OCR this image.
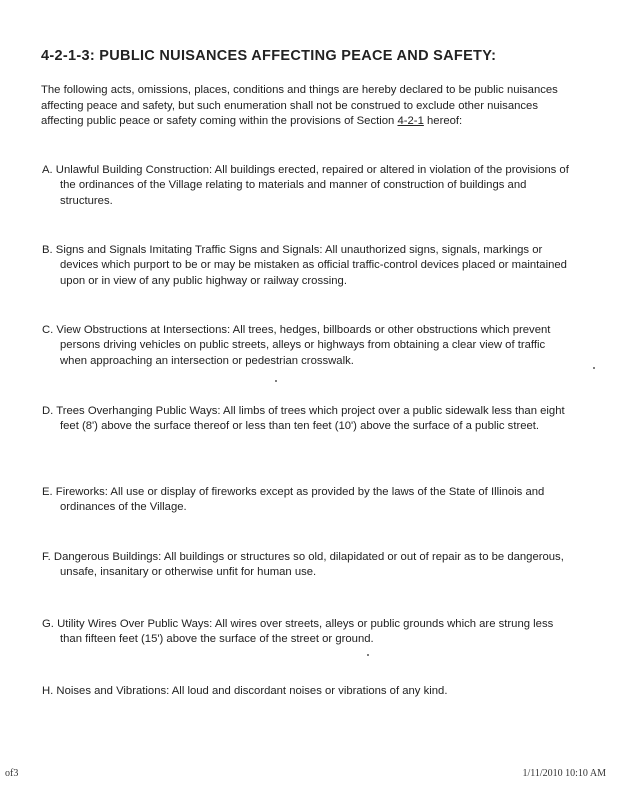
4-2-1-3: PUBLIC NUISANCES AFFECTING PEACE AND SAFETY:
The following acts, omissions, places, conditions and things are hereby declared to be public nuisances affecting peace and safety, but such enumeration shall not be construed to exclude other nuisances affecting public peace or safety coming within the provisions of Section 4-2-1 hereof:
A. Unlawful Building Construction: All buildings erected, repaired or altered in violation of the provisions of the ordinances of the Village relating to materials and manner of construction of buildings and structures.
B. Signs and Signals Imitating Traffic Signs and Signals: All unauthorized signs, signals, markings or devices which purport to be or may be mistaken as official traffic-control devices placed or maintained upon or in view of any public highway or railway crossing.
C. View Obstructions at Intersections: All trees, hedges, billboards or other obstructions which prevent persons driving vehicles on public streets, alleys or highways from obtaining a clear view of traffic when approaching an intersection or pedestrian crosswalk.
D. Trees Overhanging Public Ways: All limbs of trees which project over a public sidewalk less than eight feet (8') above the surface thereof or less than ten feet (10') above the surface of a public street.
E. Fireworks: All use or display of fireworks except as provided by the laws of the State of Illinois and ordinances of the Village.
F. Dangerous Buildings: All buildings or structures so old, dilapidated or out of repair as to be dangerous, unsafe, insanitary or otherwise unfit for human use.
G. Utility Wires Over Public Ways: All wires over streets, alleys or public grounds which are strung less than fifteen feet (15') above the surface of the street or ground.
H. Noises and Vibrations: All loud and discordant noises or vibrations of any kind.
of3	1/11/2010 10:10 AM
